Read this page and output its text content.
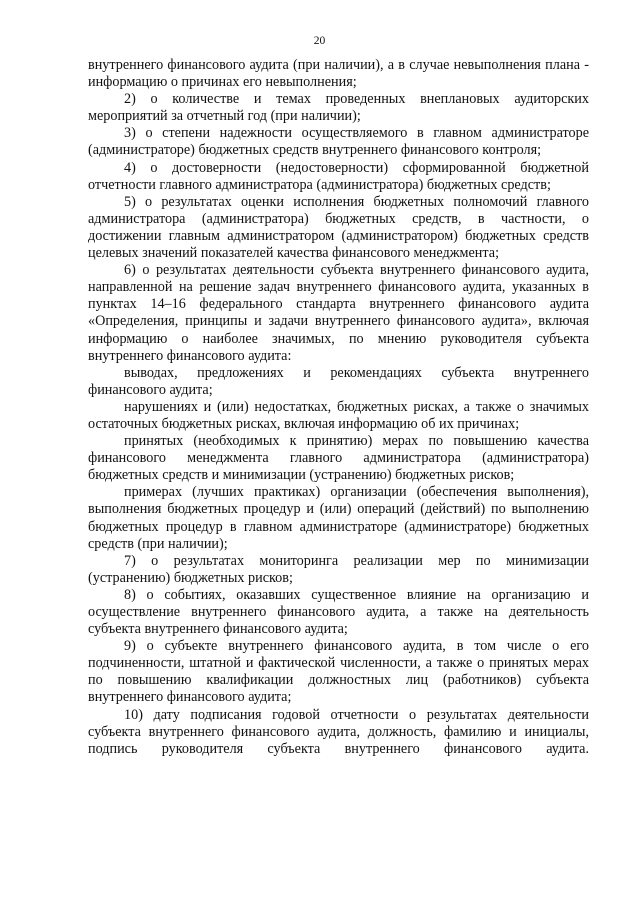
20

внутреннего финансового аудита (при наличии), а в случае невыполнения плана - информацию о причинах его невыполнения;

2) о количестве и темах проведенных внеплановых аудиторских мероприятий за отчетный год (при наличии);

3) о степени надежности осуществляемого в главном администраторе (администраторе) бюджетных средств внутреннего финансового контроля;

4) о достоверности (недостоверности) сформированной бюджетной отчетности главного администратора (администратора) бюджетных средств;

5) о результатах оценки исполнения бюджетных полномочий главного администратора (администратора) бюджетных средств, в частности, о достижении главным администратором (администратором) бюджетных средств целевых значений показателей качества финансового менеджмента;

6) о результатах деятельности субъекта внутреннего финансового аудита, направленной на решение задач внутреннего финансового аудита, указанных в пунктах 14–16 федерального стандарта внутреннего финансового аудита «Определения, принципы и задачи внутреннего финансового аудита», включая информацию о наиболее значимых, по мнению руководителя субъекта внутреннего финансового аудита:

выводах, предложениях и рекомендациях субъекта внутреннего финансового аудита;

нарушениях и (или) недостатках, бюджетных рисках, а также о значимых остаточных бюджетных рисках, включая информацию об их причинах;

принятых (необходимых к принятию) мерах по повышению качества финансового менеджмента главного администратора (администратора) бюджетных средств и минимизации (устранению) бюджетных рисков;

примерах (лучших практиках) организации (обеспечения выполнения), выполнения бюджетных процедур и (или) операций (действий) по выполнению бюджетных процедур в главном администраторе (администраторе) бюджетных средств (при наличии);

7) о результатах мониторинга реализации мер по минимизации (устранению) бюджетных рисков;

8) о событиях, оказавших существенное влияние на организацию и осуществление внутреннего финансового аудита, а также на деятельность субъекта внутреннего финансового аудита;

9) о субъекте внутреннего финансового аудита, в том числе о его подчиненности, штатной и фактической численности, а также о принятых мерах по повышению квалификации должностных лиц (работников) субъекта внутреннего финансового аудита;

10) дату подписания годовой отчетности о результатах деятельности субъекта внутреннего финансового аудита, должность, фамилию и инициалы, подпись руководителя субъекта внутреннего финансового аудита.
